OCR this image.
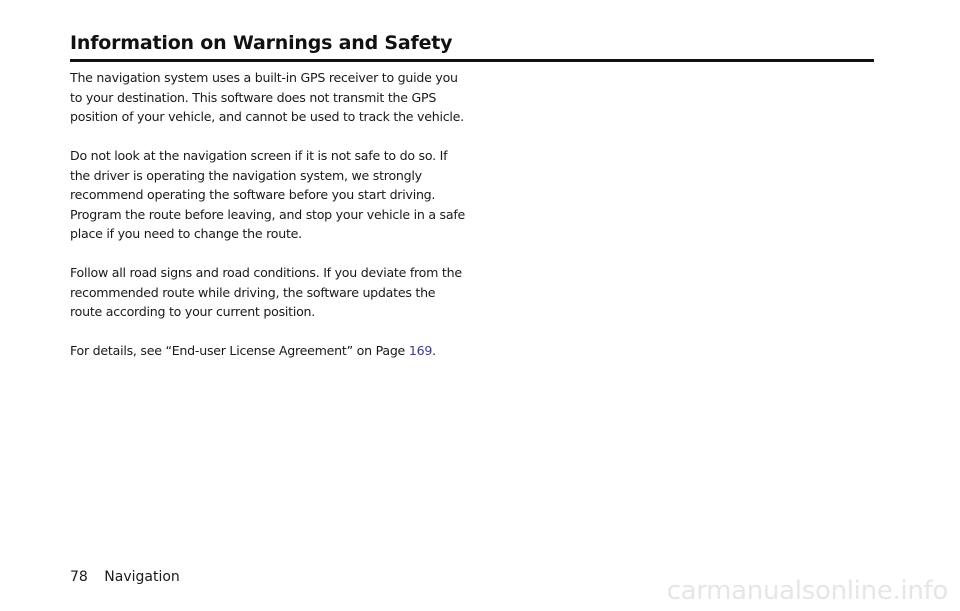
Information on Warnings and Safety

The navigation system uses a built-in GPS receiver to guide you to your destination. This software does not transmit the GPS position of your vehicle, and cannot be used to track the vehicle.

Do not look at the navigation screen if it is not safe to do so. If the driver is operating the navigation system, we strongly recommend operating the software before you start driving. Program the route before leaving, and stop your vehicle in a safe place if you need to change the route.

Follow all road signs and road conditions. If you deviate from the recommended route while driving, the software updates the route according to your current position.

For details, see “End-user License Agreement” on Page 169.

78 Navigation	carmanualsonline.info
